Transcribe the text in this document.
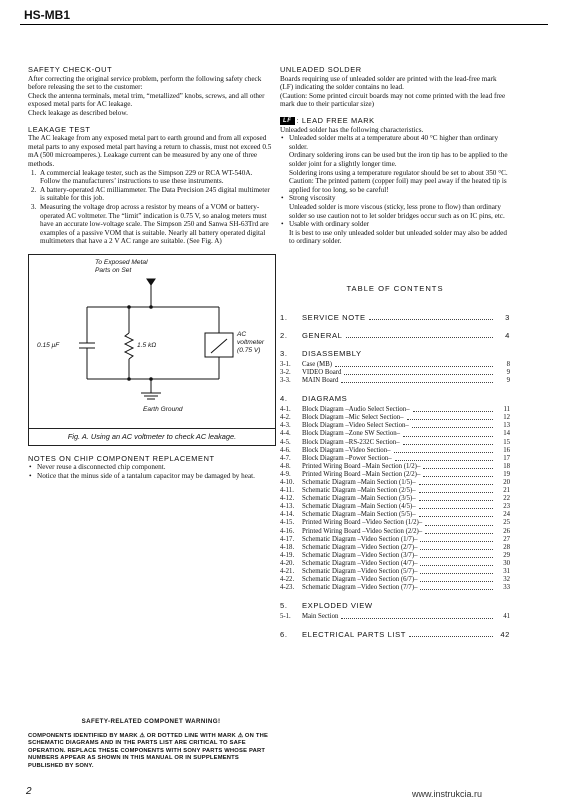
HS-MB1
SAFETY CHECK-OUT

After correcting the original service problem, perform the following safety check before releasing the set to the customer:

Check the antenna terminals, metal trim, “metallized” knobs, screws, and all other exposed metal parts for AC leakage.

Check leakage as described below.

LEAKAGE TEST

The AC leakage from any exposed metal part to earth ground and from all exposed metal parts to any exposed metal part having a return to chassis, must not exceed 0.5 mA (500 microamperes.). Leakage current can be measured by any one of three methods.

1. A commercial leakage tester, such as the Simpson 229 or RCA WT-540A. Follow the manufacturers’ instructions to use these instruments.
2. A battery-operated AC milliammeter. The Data Precision 245 digital multimeter is suitable for this job.
3. Measuring the voltage drop across a resistor by means of a VOM or battery-operated AC voltmeter. The “limit” indication is 0.75 V, so analog meters must have an accurate low-voltage scale. The Simpson 250 and Sanwa SH-63Trd are examples of a passive VOM that is suitable. Nearly all battery operated digital multimeters that have a 2 V AC range are suitable. (See Fig. A)
To Exposed Metal
Parts on Set
0.15 μF	1.5 kΩ
AC
voltmeter
(0.75 V)
Earth Ground
Fig. A. Using an AC voltmeter to check AC leakage.
NOTES ON CHIP COMPONENT REPLACEMENT
• Never reuse a disconnected chip component.
• Notice that the minus side of a tantalum capacitor may be damaged by heat.
SAFETY-RELATED COMPONET WARNING!
COMPONENTS IDENTIFIED BY MARK ⚠ OR DOTTED LINE WITH MARK ⚠ ON THE SCHEMATIC DIAGRAMS AND IN THE PARTS LIST ARE CRITICAL TO SAFE OPERATION. REPLACE THESE COMPONENTS WITH SONY PARTS WHOSE PART NUMBERS APPEAR AS SHOWN IN THIS MANUAL OR IN SUPPLEMENTS PUBLISHED BY SONY.
UNLEADED SOLDER

Boards requiring use of unleaded solder are printed with the lead-free mark (LF) indicating the solder contains no lead.

(Caution: Some printed circuit boards may not come printed with the lead free mark due to their particular size)

LF : LEAD FREE MARK

Unleaded solder has the following characteristics.

• Unleaded solder melts at a temperature about 40 °C higher than ordinary solder.
Ordinary soldering irons can be used but the iron tip has to be applied to the solder joint for a slightly longer time.
Soldering irons using a temperature regulator should be set to about 350 °C.
Caution: The printed pattern (copper foil) may peel away if the heated tip is applied for too long, so be careful!
• Strong viscosity
Unleaded solder is more viscous (sticky, less prone to flow) than ordinary solder so use caution not to let solder bridges occur such as on IC pins, etc.
• Usable with ordinary solder
It is best to use only unleaded solder but unleaded solder may also be added to ordinary solder.
TABLE OF CONTENTS
1.	SERVICE NOTE	3
2.	GENERAL	4
3.	DISASSEMBLY
3-1.	Case (MB)	8
3-2.	VIDEO Board	9
3-3.	MAIN Board	9
4.	DIAGRAMS
4-1.	Block Diagram –Audio Select Section–	11
4-2.	Block Diagram –Mic Select Section–	12
4-3.	Block Diagram –Video Select Section–	13
4-4.	Block Diagram –Zone SW Section–	14
4-5.	Block Diagram –RS-232C Section–	15
4-6.	Block Diagram –Video Section–	16
4-7.	Block Diagram –Power Section–	17
4-8.	Printed Wiring Board –Main Section (1/2)–	18
4-9.	Printed Wiring Board –Main Section (2/2)–	19
4-10.	Schematic Diagram –Main Section (1/5)–	20
4-11.	Schematic Diagram –Main Section (2/5)–	21
4-12.	Schematic Diagram –Main Section (3/5)–	22
4-13.	Schematic Diagram –Main Section (4/5)–	23
4-14.	Schematic Diagram –Main Section (5/5)–	24
4-15.	Printed Wiring Board –Video Section (1/2)–	25
4-16.	Printed Wiring Board –Video Section (2/2)–	26
4-17.	Schematic Diagram –Video Section (1/7)–	27
4-18.	Schematic Diagram –Video Section (2/7)–	28
4-19.	Schematic Diagram –Video Section (3/7)–	29
4-20.	Schematic Diagram –Video Section (4/7)–	30
4-21.	Schematic Diagram –Video Section (5/7)–	31
4-22.	Schematic Diagram –Video Section (6/7)–	32
4-23.	Schematic Diagram –Video Section (7/7)–	33
5.	EXPLODED VIEW
5-1.	Main Section	41
6.	ELECTRICAL PARTS LIST	42
2	www.instrukcia.ru
